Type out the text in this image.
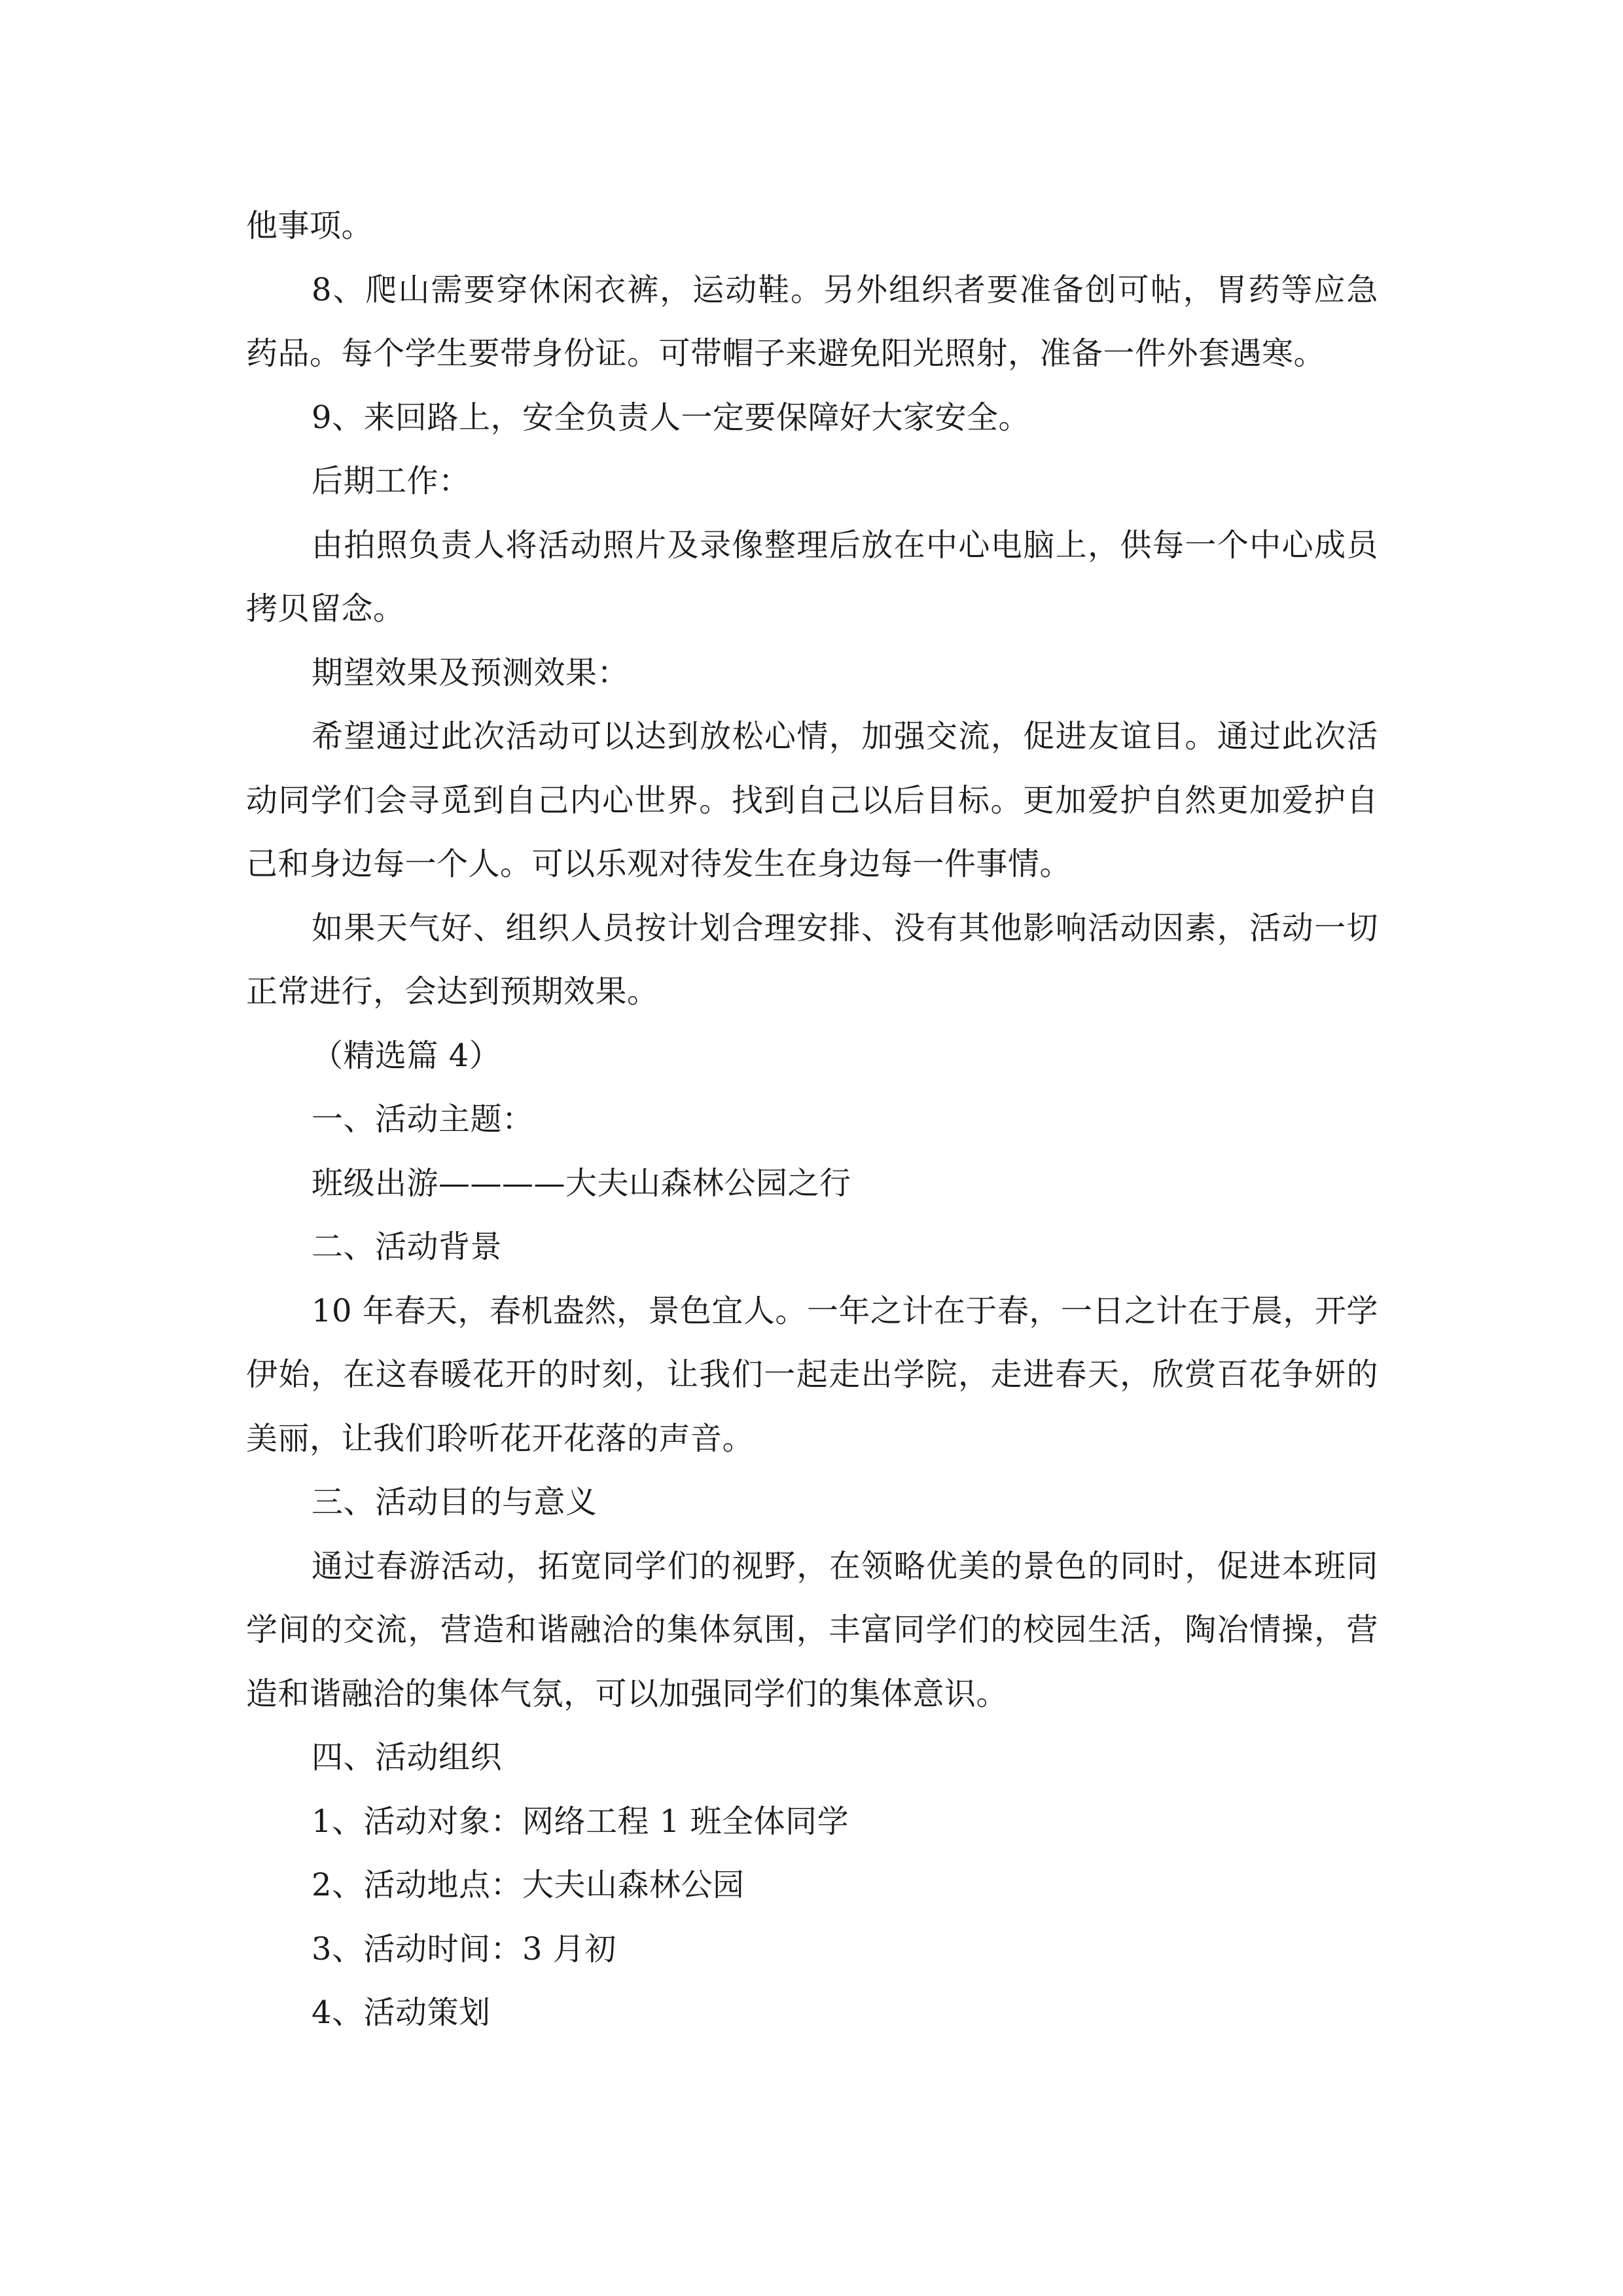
他事项。

8、爬山需要穿休闲衣裤，运动鞋。另外组织者要准备创可帖，胃药等应急药品。每个学生要带身份证。可带帽子来避免阳光照射，准备一件外套遇寒。

9、来回路上，安全负责人一定要保障好大家安全。

后期工作：

由拍照负责人将活动照片及录像整理后放在中心电脑上，供每一个中心成员拷贝留念。

期望效果及预测效果：

希望通过此次活动可以达到放松心情，加强交流，促进友谊目。通过此次活动同学们会寻觅到自己内心世界。找到自己以后目标。更加爱护自然更加爱护自己和身边每一个人。可以乐观对待发生在身边每一件事情。

如果天气好、组织人员按计划合理安排、没有其他影响活动因素，活动一切正常进行，会达到预期效果。

（精选篇 4）

一、活动主题：

班级出游————大夫山森林公园之行

二、活动背景

10 年春天，春机盎然，景色宜人。一年之计在于春，一日之计在于晨，开学伊始，在这春暖花开的时刻，让我们一起走出学院，走进春天，欣赏百花争妍的美丽，让我们聆听花开花落的声音。

三、活动目的与意义

通过春游活动，拓宽同学们的视野，在领略优美的景色的同时，促进本班同学间的交流，营造和谐融洽的集体氛围，丰富同学们的校园生活，陶冶情操，营造和谐融洽的集体气氛，可以加强同学们的集体意识。

四、活动组织

1、活动对象：网络工程 1 班全体同学

2、活动地点：大夫山森林公园

3、活动时间：3 月初

4、活动策划
